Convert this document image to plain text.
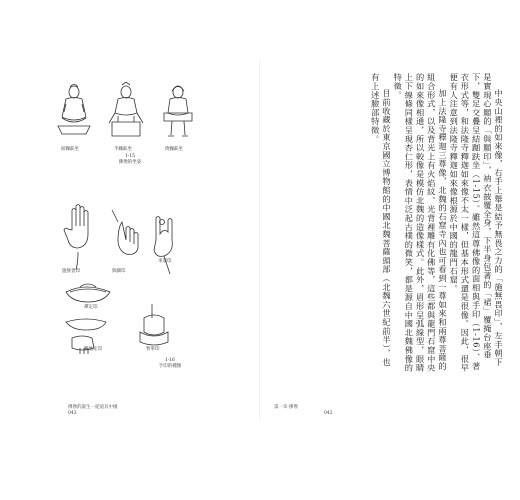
結跏趺坐	半跏趺坐	倚跏趺坐
1-15
佛像的坐姿
施無畏印	與願印
來迎印
禪定印
觸地定印	智拳印
1-16
手印的種類
佛像的誕生一從道具中國
043

中央山裡的如來像，右手上舉是結予無畏之力的「施無畏印」，左手朝下是實現心願的「與願印」，衲衣披覆全身，下半身包著的「裙」覆掩台座垂下，雙足交疊呈結跏趺坐（1-15）。雖然這尊佛像的面相與手印（1-16）、著衣形式等，和法隆寺釋迦如來像不太一樣，但基本形式還是很像。因此，很早便有人注意到法隆寺釋迦如來像根源於中國的龍門石窟。

加上法隆寺釋迦三尊像，北魏的石窟寺內也可看到一尊如來和兩尊菩薩的組合形式，以及背光上有火焰紋、光背裡雕有化佛等，這些都與龍門石窟中央的如來像相通，所以較像是模仿北魏的造像樣式。此外，眉形呈弧線型，眼睛上下線條同樣呈現杏仁形，表情中泛起古樸的微笑，都是源自中國北魏佛像的特徵。

目前收藏於東京國立博物館的中國北魏菩薩頭部（北魏六世紀前半），也有上述臉部特徵。

第一章 佛像
042
